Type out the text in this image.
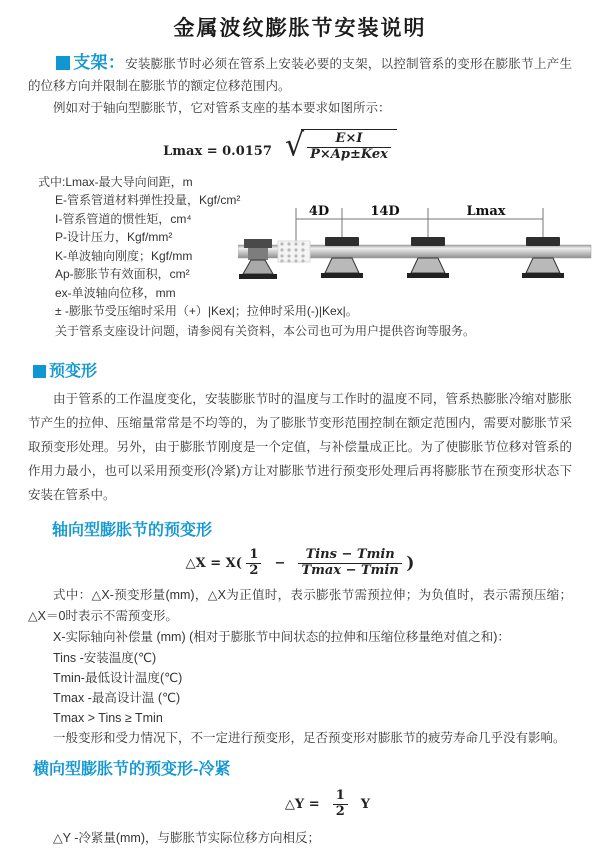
金属波纹膨胀节安装说明

支架：安装膨胀节时必须在管系上安装必要的支架，以控制管系的变形在膨胀节上产生的位移方向并限制在膨胀节的额定位移范围内。

例如对于轴向型膨胀节，它对管系支座的基本要求如图所示：

Lmax = 0.0157 √ $\frac{E\times I}{\text{P×Ap±Kex}}$
式中:Lmax-最大导向间距，m
E-管系管道材料弹性投量，Kgf/cm²
I-管系管道的惯性矩，cm⁴
P-设计压力，Kgf/mm²
K-单波轴向刚度；Kgf/mm
Ap-膨胀节有效面积，cm²
ex-单波轴向位移，mm
4D	14D	Lmax
± -膨胀节受压缩时采用（+）|Kex|；拉伸时采用(-)|Kex|。
关于管系支座设计问题，请参阅有关资料，本公司也可为用户提供咨询等服务。
预变形

由于管系的工作温度变化，安装膨胀节时的温度与工作时的温度不同，管系热膨胀冷缩对膨胀节产生的拉伸、压缩量常常是不均等的，为了膨胀节变形范围控制在额定范围内，需要对膨胀节采取预变形处理。另外，由于膨胀节刚度是一个定值，与补偿量成正比。为了使膨胀节位移对管系的作用力最小，也可以采用预变形(冷紧)方让对膨胀节进行预变形处理后再将膨胀节在预变形状态下安装在管系中。

轴向型膨胀节的预变形
△X = $X( \frac{1}{2} - \frac{\text{Tins − Tmin}}{Tmax - Tmin}$ )

式中：△X-预变形量(mm)，△X为正值时，表示膨张节需预拉伸；为负值时，表示需预压缩；△X＝0时表示不需预变形。

X-实际轴向补偿量 (mm) (相对于膨胀节中间状态的拉伸和压缩位移量绝对值之和)：

Tins -安装温度(℃)
Tmin-最低设计温度(℃)
Tmax -最高设计温 (℃)
Tmax > Tins ≥ Tmin
一般变形和受力情况下，不一定进行预变形，足否预变形对膨胀节的疲劳寿命几乎没有影响。
横向型膨胀节的预变形-冷紧
△Y = $\frac{1}{2}$ Y

△Y -冷紧量(mm)，与膨胀节实际位移方向相反；
